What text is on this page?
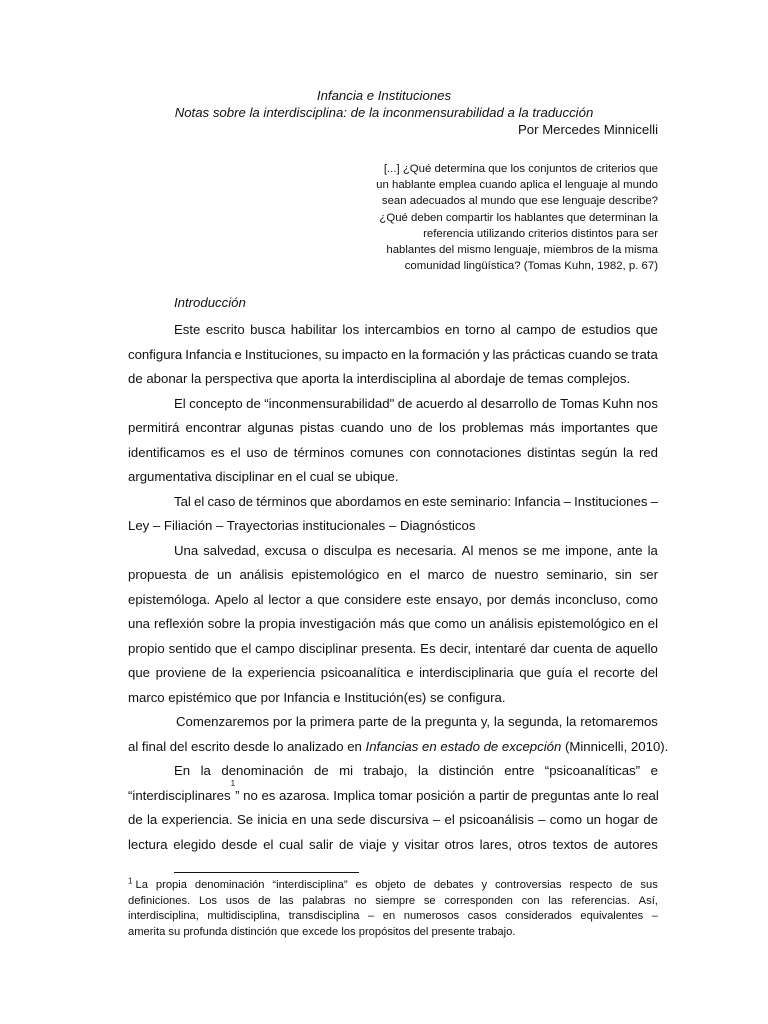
Infancia e Instituciones
Notas sobre la interdisciplina: de la inconmensurabilidad a la traducción
Por Mercedes Minnicelli
[...] ¿Qué determina que los conjuntos de criterios que
un hablante emplea cuando aplica el lenguaje al mundo
sean adecuados al mundo que ese lenguaje describe?
¿Qué deben compartir los hablantes que determinan la
referencia utilizando criterios distintos para ser
hablantes del mismo lenguaje, miembros de la misma
comunidad lingüística? (Tomas Kuhn, 1982, p. 67)
Introducción
Este escrito busca habilitar los intercambios en torno al campo de estudios que
configura Infancia e Instituciones, su impacto en la formación y las prácticas cuando se trata
de abonar la perspectiva que aporta la interdisciplina al abordaje de temas complejos.
El concepto de “inconmensurabilidad" de acuerdo al desarrollo de Tomas Kuhn nos
permitirá encontrar algunas pistas cuando uno de los problemas más importantes que
identificamos es el uso de términos comunes con connotaciones distintas según la red
argumentativa disciplinar en el cual se ubique.
Tal el caso de términos que abordamos en este seminario: Infancia – Instituciones –
Ley – Filiación – Trayectorias institucionales – Diagnósticos
Una salvedad, excusa o disculpa es necesaria. Al menos se me impone, ante la
propuesta de un análisis epistemológico en el marco de nuestro seminario, sin ser
epistemóloga. Apelo al lector a que considere este ensayo, por demás inconcluso, como
una reflexión sobre la propia investigación más que como un análisis epistemológico en el
propio sentido que el campo disciplinar presenta. Es decir, intentaré dar cuenta de aquello
que proviene de la experiencia psicoanalítica e interdisciplinaria que guía el recorte del
marco epistémico que por Infancia e Institución(es) se configura.
Comenzaremos por la primera parte de la pregunta y, la segunda, la retomaremos
al final del escrito desde lo analizado en
Infancias en estado de excepción
(Minnicelli, 2010).
En la denominación de mi trabajo, la distinción entre “psicoanalíticas” e
“interdisciplinares
1
” no es azarosa. Implica tomar posición a partir de preguntas ante lo real
de la experiencia. Se inicia en una sede discursiva – el psicoanálisis – como un hogar de
lectura elegido desde el cual salir de viaje y visitar otros lares, otros textos de autores
$^1$ La propia denominación “interdisciplina” es objeto de debates y controversias respecto de sus
definiciones. Los usos de las palabras no siempre se corresponden con las referencias. Así,
interdisciplina, multidisciplina, transdisciplina – en numerosos casos considerados equivalentes –
amerita su profunda distinción que excede los propósitos del presente trabajo.
